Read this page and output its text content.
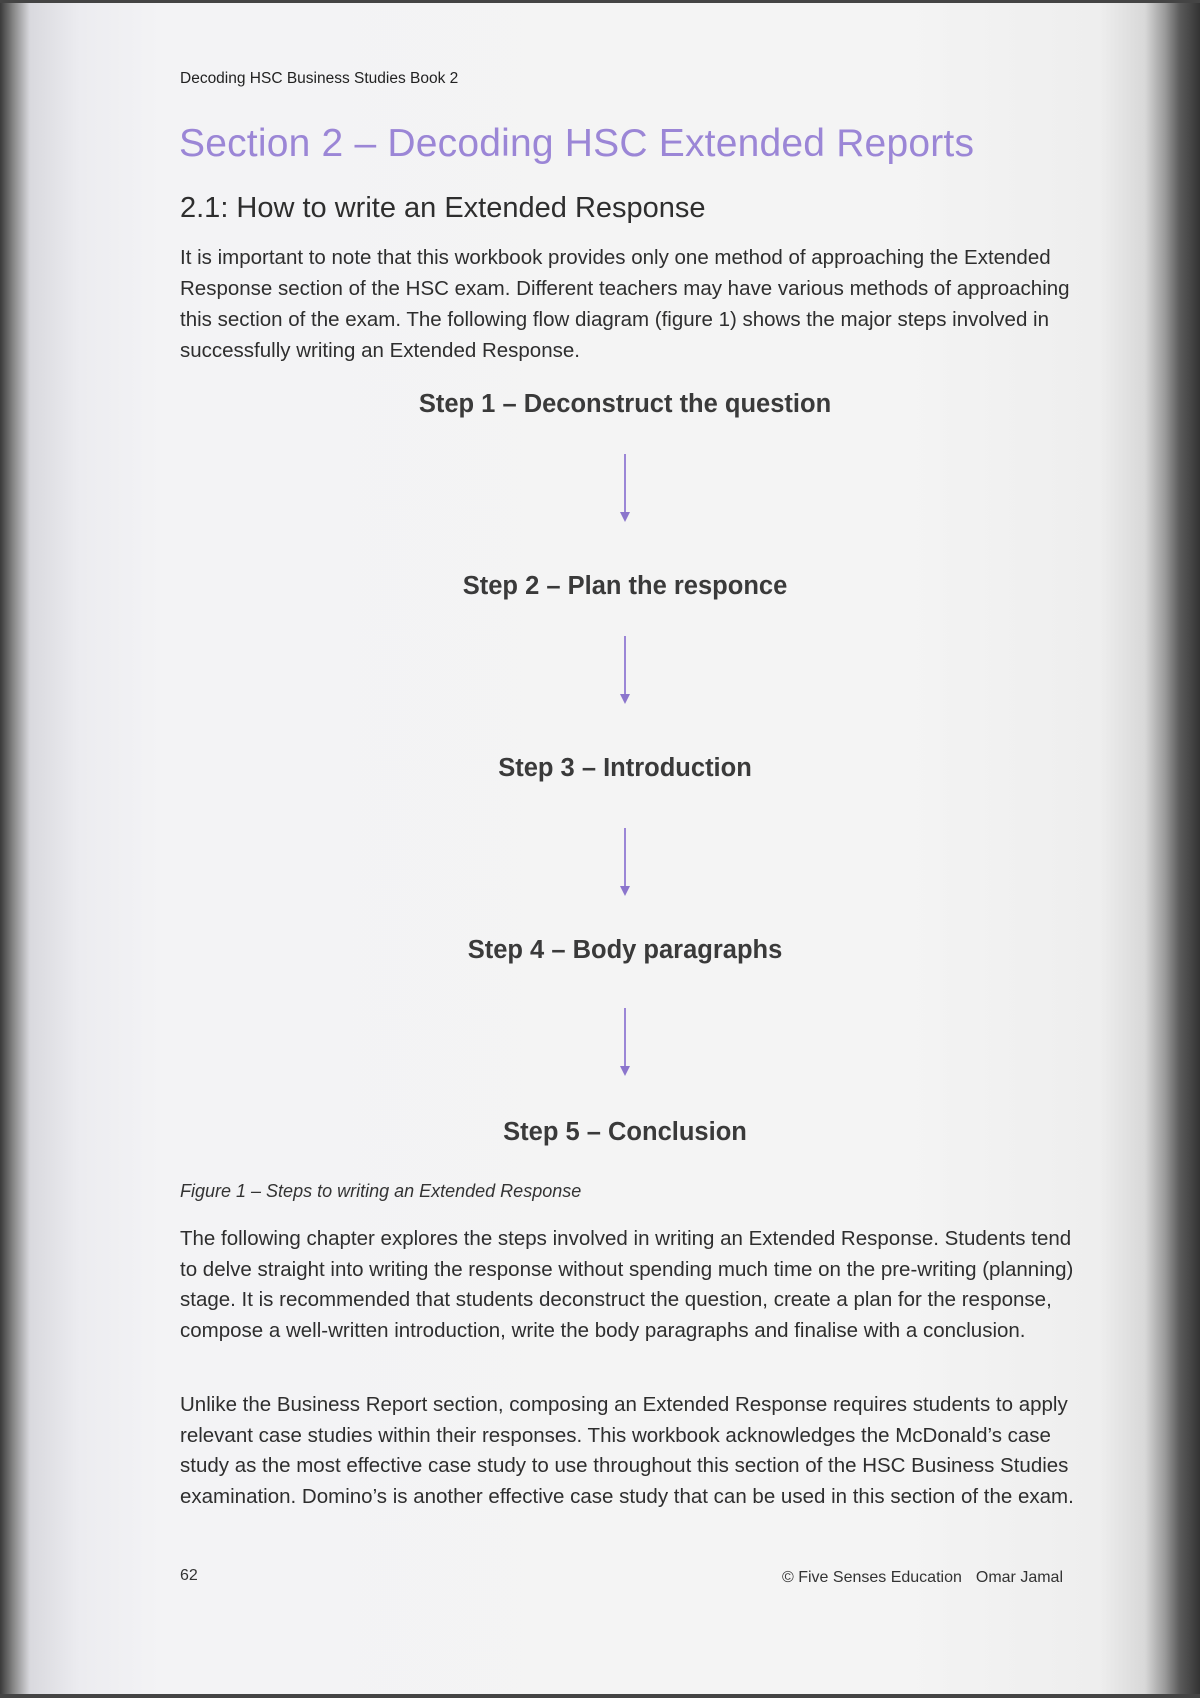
Decoding HSC Business Studies Book 2
Section 2 – Decoding HSC Extended Reports
2.1: How to write an Extended Response

It is important to note that this workbook provides only one method of approaching the Extended Response section of the HSC exam. Different teachers may have various methods of approaching this section of the exam. The following flow diagram (figure 1) shows the major steps involved in successfully writing an Extended Response.

Step 1 – Deconstruct the question
Step 2 – Plan the responce
Step 3 – Introduction
Step 4 – Body paragraphs
Step 5 – Conclusion
Figure 1 – Steps to writing an Extended Response

The following chapter explores the steps involved in writing an Extended Response. Students tend to delve straight into writing the response without spending much time on the pre-writing (planning) stage. It is recommended that students deconstruct the question, create a plan for the response, compose a well-written introduction, write the body paragraphs and finalise with a conclusion.

Unlike the Business Report section, composing an Extended Response requires students to apply relevant case studies within their responses. This workbook acknowledges the McDonald’s case study as the most effective case study to use throughout this section of the HSC Business Studies examination. Domino’s is another effective case study that can be used in this section of the exam.

62	© Five Senses Education Omar Jamal
